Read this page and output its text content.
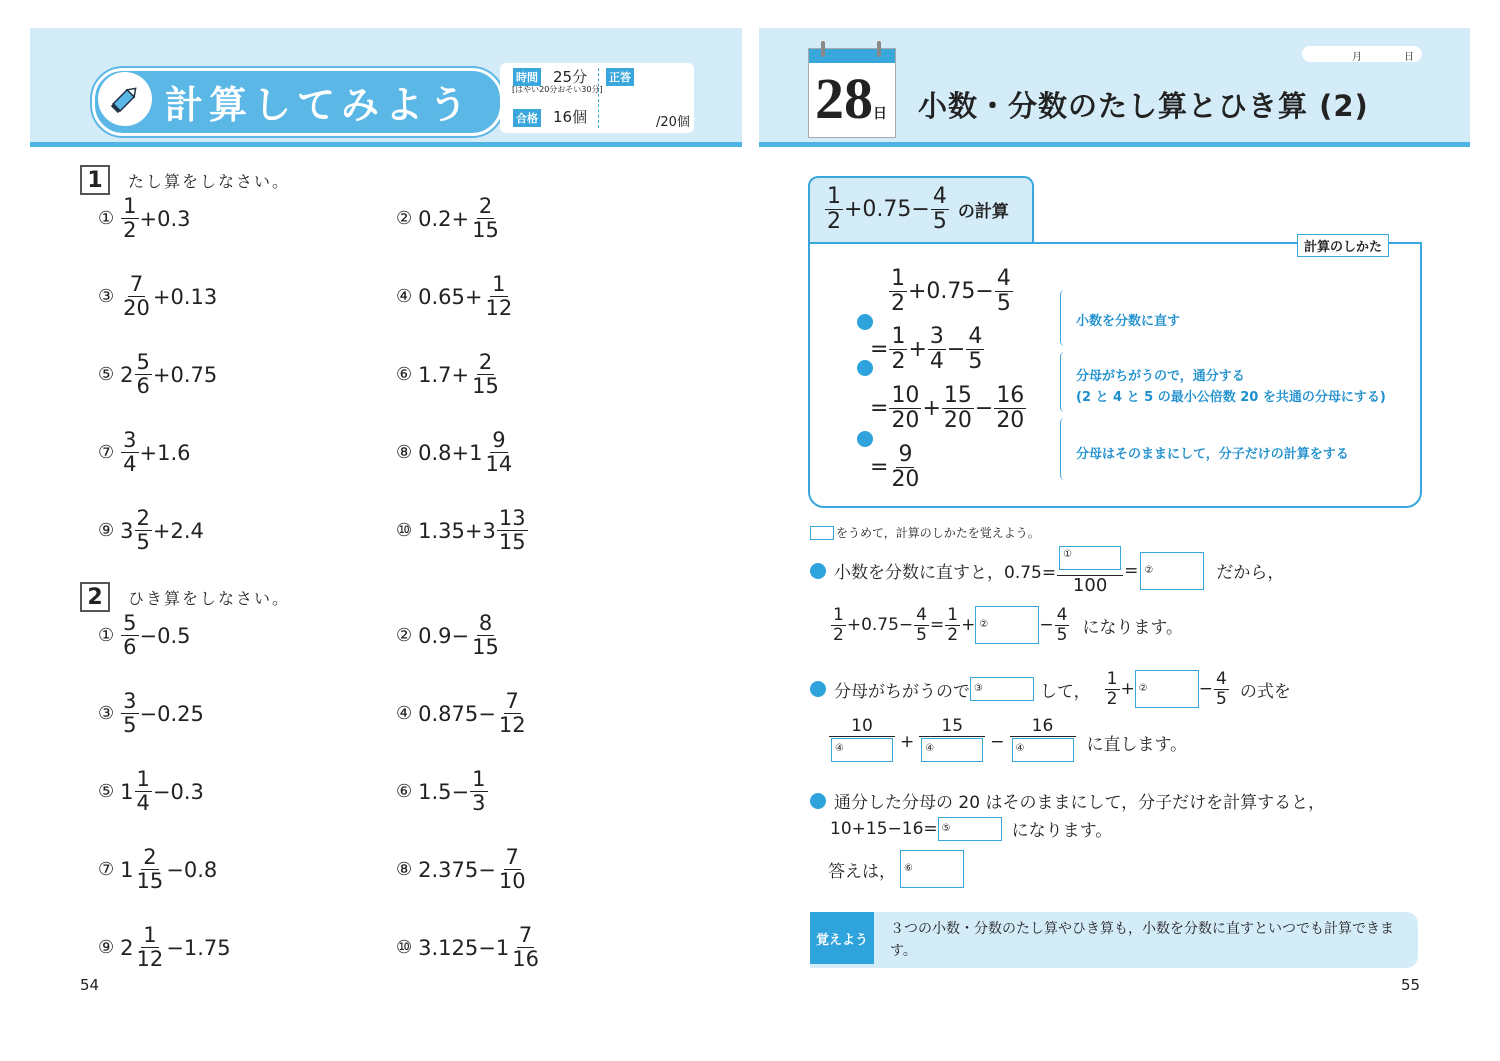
計算してみよう
時間 25分
[はやい20分おそい30分]
合格 16個
正答
/20個
1	たし算をしなさい。
① $\frac{1}{2} +0.3$	② $0.2+ \frac{2}{15}$
③ $\frac{7}{20} +0.13$	④ $0.65+ \frac{1}{12}$
⑤ $2 \frac{5}{6} +0.75$	⑥ $1.7+ \frac{2}{15}$
⑦ $\frac{3}{4} +1.6$	⑧ $0.8+ 1 \frac{9}{14}$
⑨ $3 \frac{2}{5} +2.4$	⑩ $1.35+ 3 \frac{13}{15}$
2	ひき算をしなさい。
① $\frac{5}{6} -0.5$	② $0.9- \frac{8}{15}$
③ $\frac{3}{5} -0.25$	④ $0.875- \frac{7}{12}$
⑤ $1 \frac{1}{4} -0.3$	⑥ $1.5- \frac{1}{3}$
⑦ $1 \frac{2}{15} -0.8$	⑧ $2.375- \frac{7}{10}$
⑨ $2 \frac{1}{12} -1.75$	⑩ $3.125- 1 \frac{7}{16}$
54
28 日
月	日
小数・分数のたし算とひき算 (2)
$\frac{1}{2} +0.75- \frac{4}{5}$ の計算
計算のしかた
$\frac{1}{2} +0.75- \frac{4}{5}$
= $\frac{1}{2} + \frac{3}{4} - \frac{4}{5}$
= $\frac{10}{20} + \frac{15}{20} - \frac{16}{20}$
= $\frac{9}{20}$
小数を分数に直す
分母がちがうので，通分する
(2 と 4 と 5 の最小公倍数 20 を共通の分母にする)
分母はそのままにして，分子だけの計算をする
をうめて，計算のしかたを覚えよう。
小数を分数に直すと，$0.75= \frac{\text{①}}{100}$ = ②	だから，
$\frac{1}{2} +0.75- \frac{4}{5} = \frac{1}{2}$ + ②	− $\frac{4}{5}$ になります。
分母がちがうので ③	して， $\frac{1}{2}$ + ②	− $\frac{4}{5}$ の式を
$\frac{10}{\text{④}} + \frac{15}{\text{④}} - \frac{16}{\text{④}}$ に直します。
通分した分母の 20 はそのままにして，分子だけを計算すると，
10+15−16= ⑤	になります。
答えは， ⑥
覚えよう
３つの小数・分数のたし算やひき算も，小数を分数に直すといつでも計算できます。
55
